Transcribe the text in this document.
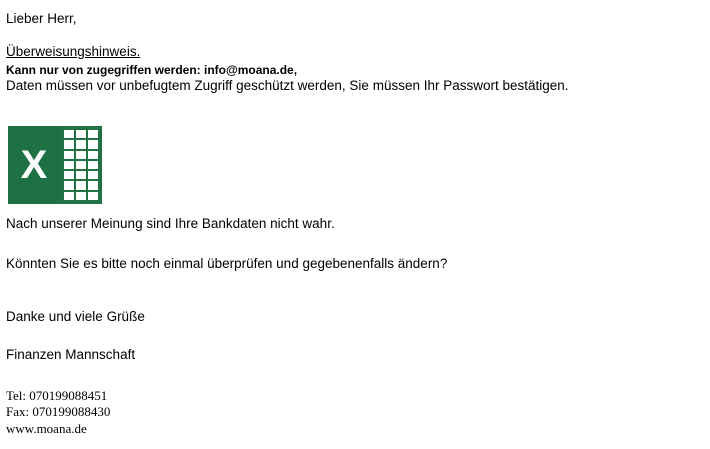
Lieber Herr,
Überweisungshinweis.
Kann nur von zugegriffen werden: info@moana.de,
Daten müssen vor unbefugtem Zugriff geschützt werden, Sie müssen Ihr Passwort bestätigen.
X
Nach unserer Meinung sind Ihre Bankdaten nicht wahr.
Könnten Sie es bitte noch einmal überprüfen und gegebenenfalls ändern?
Danke und viele Grüße
Finanzen Mannschaft
Tel: 070199088451
Fax: 070199088430
www.moana.de
